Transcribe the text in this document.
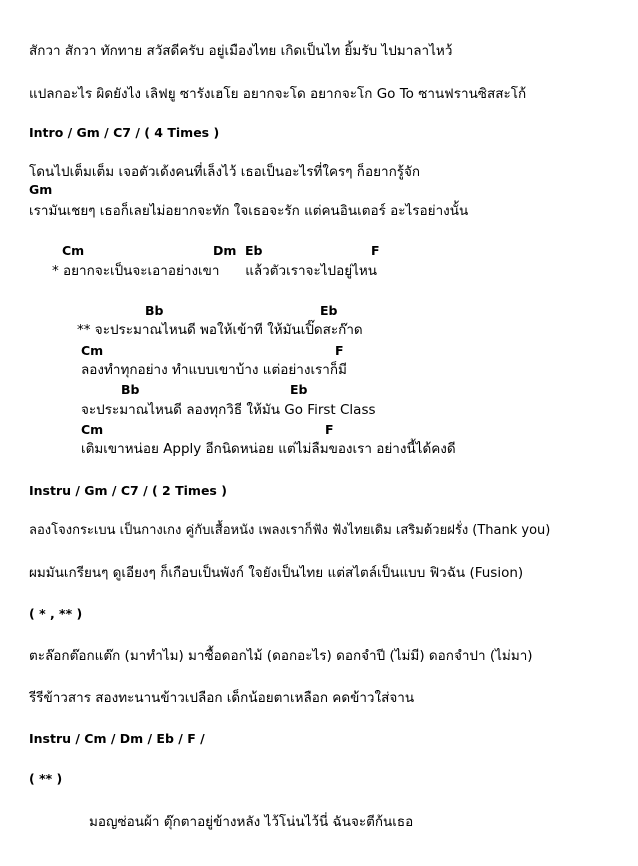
สักวา สักวา ทักทาย สวัสดีครับ อยู่เมืองไทย เกิดเป็นไท ยิ้มรับ ไปมาลาไหว้
แปลกอะไร ผิดยังไง เลิฟยู ซารังเฮโย อยากจะโด อยากจะโก Go To ซานฟรานซิสสะโก้
Intro / Gm / C7 / ( 4 Times )
โดนไปเต็มเต็ม เจอตัวเด้งคนที่เล็งไว้ เธอเป็นอะไรที่ใครๆ ก็อยากรู้จัก
Gm
เรามันเชยๆ เธอก็เลยไม่อยากจะทัก ใจเธอจะรัก แต่คนอินเตอร์ อะไรอย่างนั้น
Cm	Dm Eb	F
* อยากจะเป็นจะเอาอย่างเขา      แล้วตัวเราจะไปอยู่ไหน
Bb	Eb
** จะประมาณไหนดี พอให้เข้าที ให้มันเปิ๊ดสะก๊าด
Cm	F
ลองทำทุกอย่าง ทำแบบเขาบ้าง แต่อย่างเราก็มี
Bb	Eb
จะประมาณไหนดี ลองทุกวิธี ให้มัน Go First Class
Cm	F
เติมเขาหน่อย Apply อีกนิดหน่อย แต่ไม่ลืมของเรา อย่างนี้ได้คงดี
Instru / Gm / C7 / ( 2 Times )
ลองโจงกระเบน เป็นกางเกง คู่กับเสื้อหนัง เพลงเราก็ฟัง ฟังไทยเดิม เสริมด้วยฝรั่ง (Thank you)
ผมมันเกรียนๆ ดูเอียงๆ ก็เกือบเป็นพังก์ ใจยังเป็นไทย แต่สไตล์เป็นแบบ ฟิวฉัน (Fusion)
( * , ** )
ตะล๊อกต๊อกแต๊ก (มาทำไม) มาซื้อดอกไม้ (ดอกอะไร) ดอกจำปี (ไม่มี) ดอกจำปา (ไม่มา)
รีรีข้าวสาร สองทะนานข้าวเปลือก เด็กน้อยตาเหลือก คดข้าวใส่จาน
Instru / Cm / Dm / Eb / F /
( ** )
มอญซ่อนผ้า ตุ๊กตาอยู่ข้างหลัง ไว้โน่นไว้นี่ ฉันจะตีก้นเธอ
